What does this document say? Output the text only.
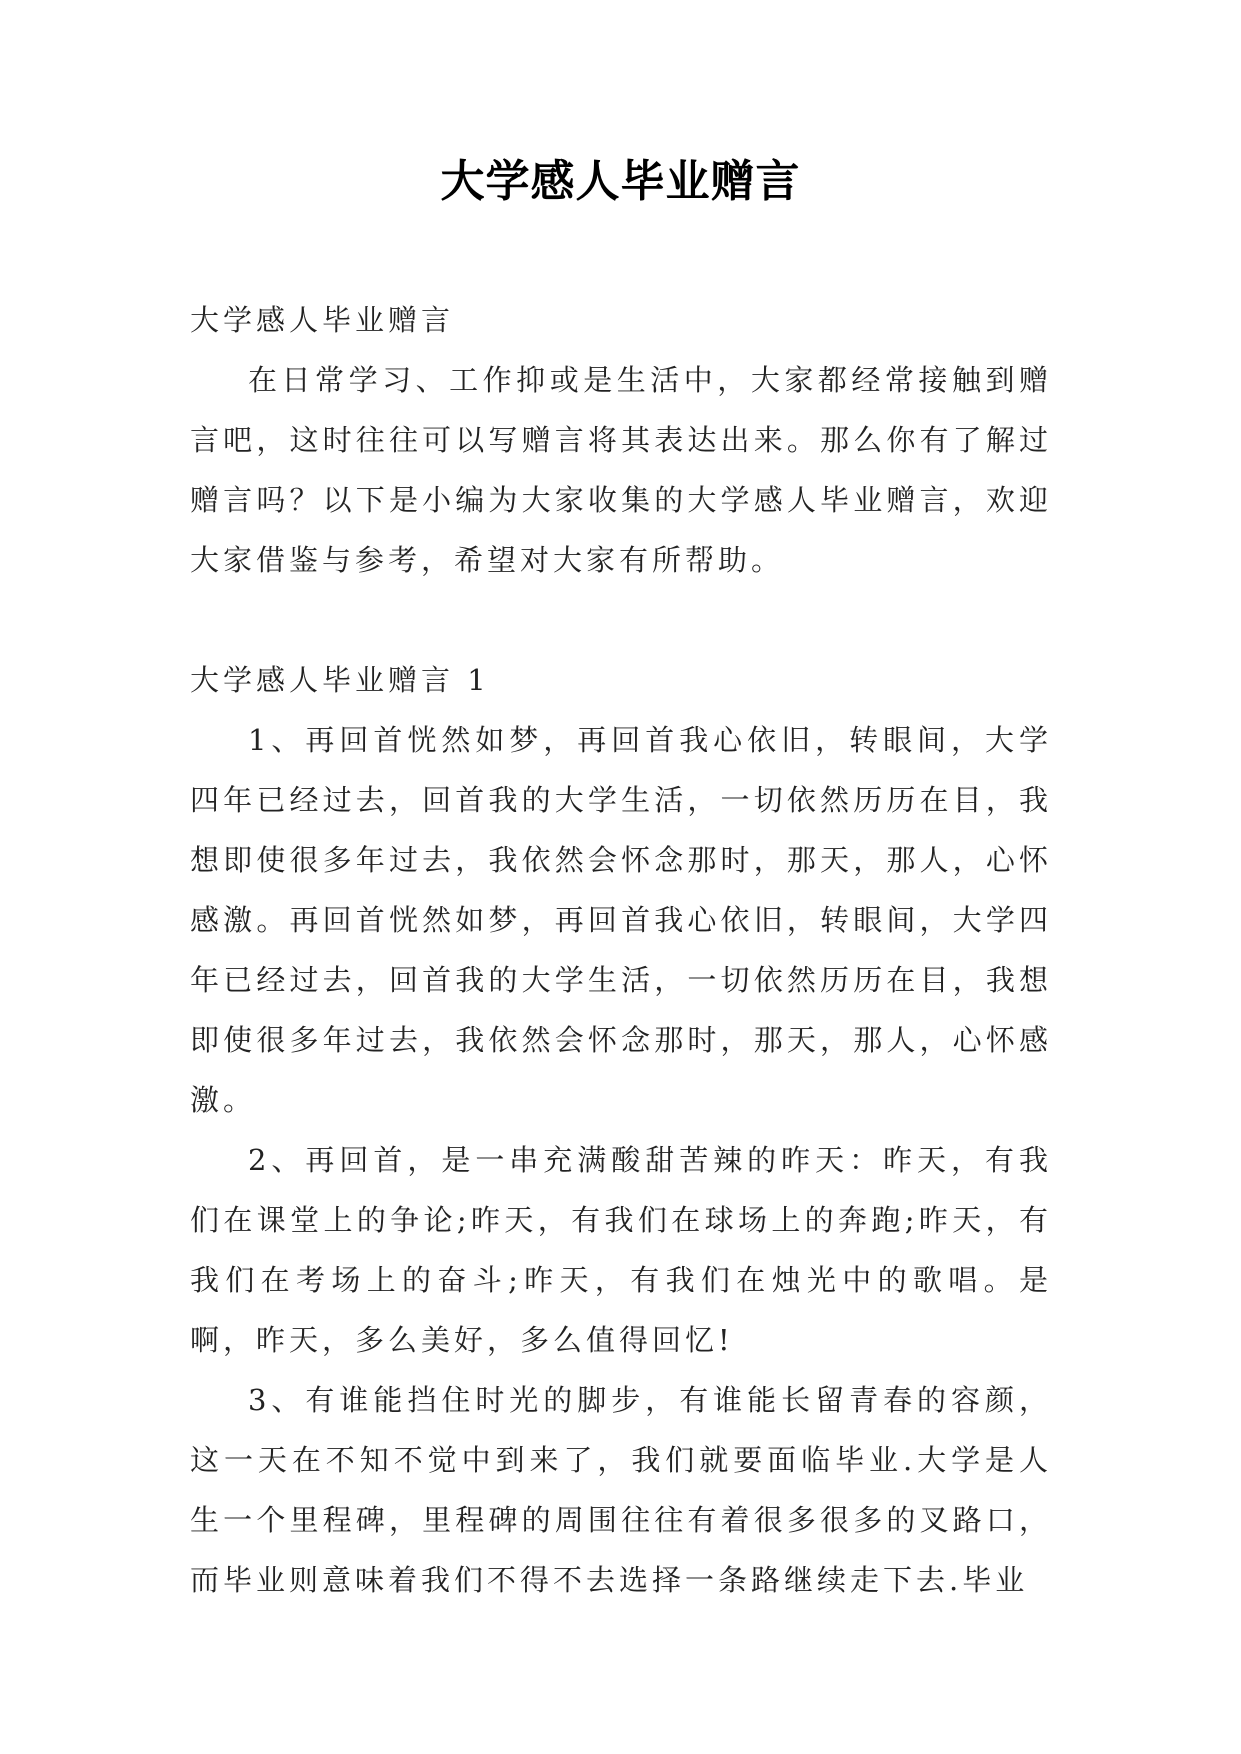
大学感人毕业赠言

大学感人毕业赠言

在日常学习、工作抑或是生活中，大家都经常接触到赠言吧，这时往往可以写赠言将其表达出来。那么你有了解过赠言吗？以下是小编为大家收集的大学感人毕业赠言，欢迎大家借鉴与参考，希望对大家有所帮助。

大学感人毕业赠言 1

1、再回首恍然如梦，再回首我心依旧，转眼间，大学四年已经过去，回首我的大学生活，一切依然历历在目，我想即使很多年过去，我依然会怀念那时，那天，那人，心怀感激。再回首恍然如梦，再回首我心依旧，转眼间，大学四年已经过去，回首我的大学生活，一切依然历历在目，我想即使很多年过去，我依然会怀念那时，那天，那人，心怀感激。

2、再回首，是一串充满酸甜苦辣的昨天：昨天，有我们在课堂上的争论;昨天，有我们在球场上的奔跑;昨天，有我们在考场上的奋斗;昨天，有我们在烛光中的歌唱。是啊，昨天，多么美好，多么值得回忆!

3、有谁能挡住时光的脚步，有谁能长留青春的容颜，这一天在不知不觉中到来了，我们就要面临毕业.大学是人生一个里程碑，里程碑的周围往往有着很多很多的叉路口，而毕业则意味着我们不得不去选择一条路继续走下去.毕业
